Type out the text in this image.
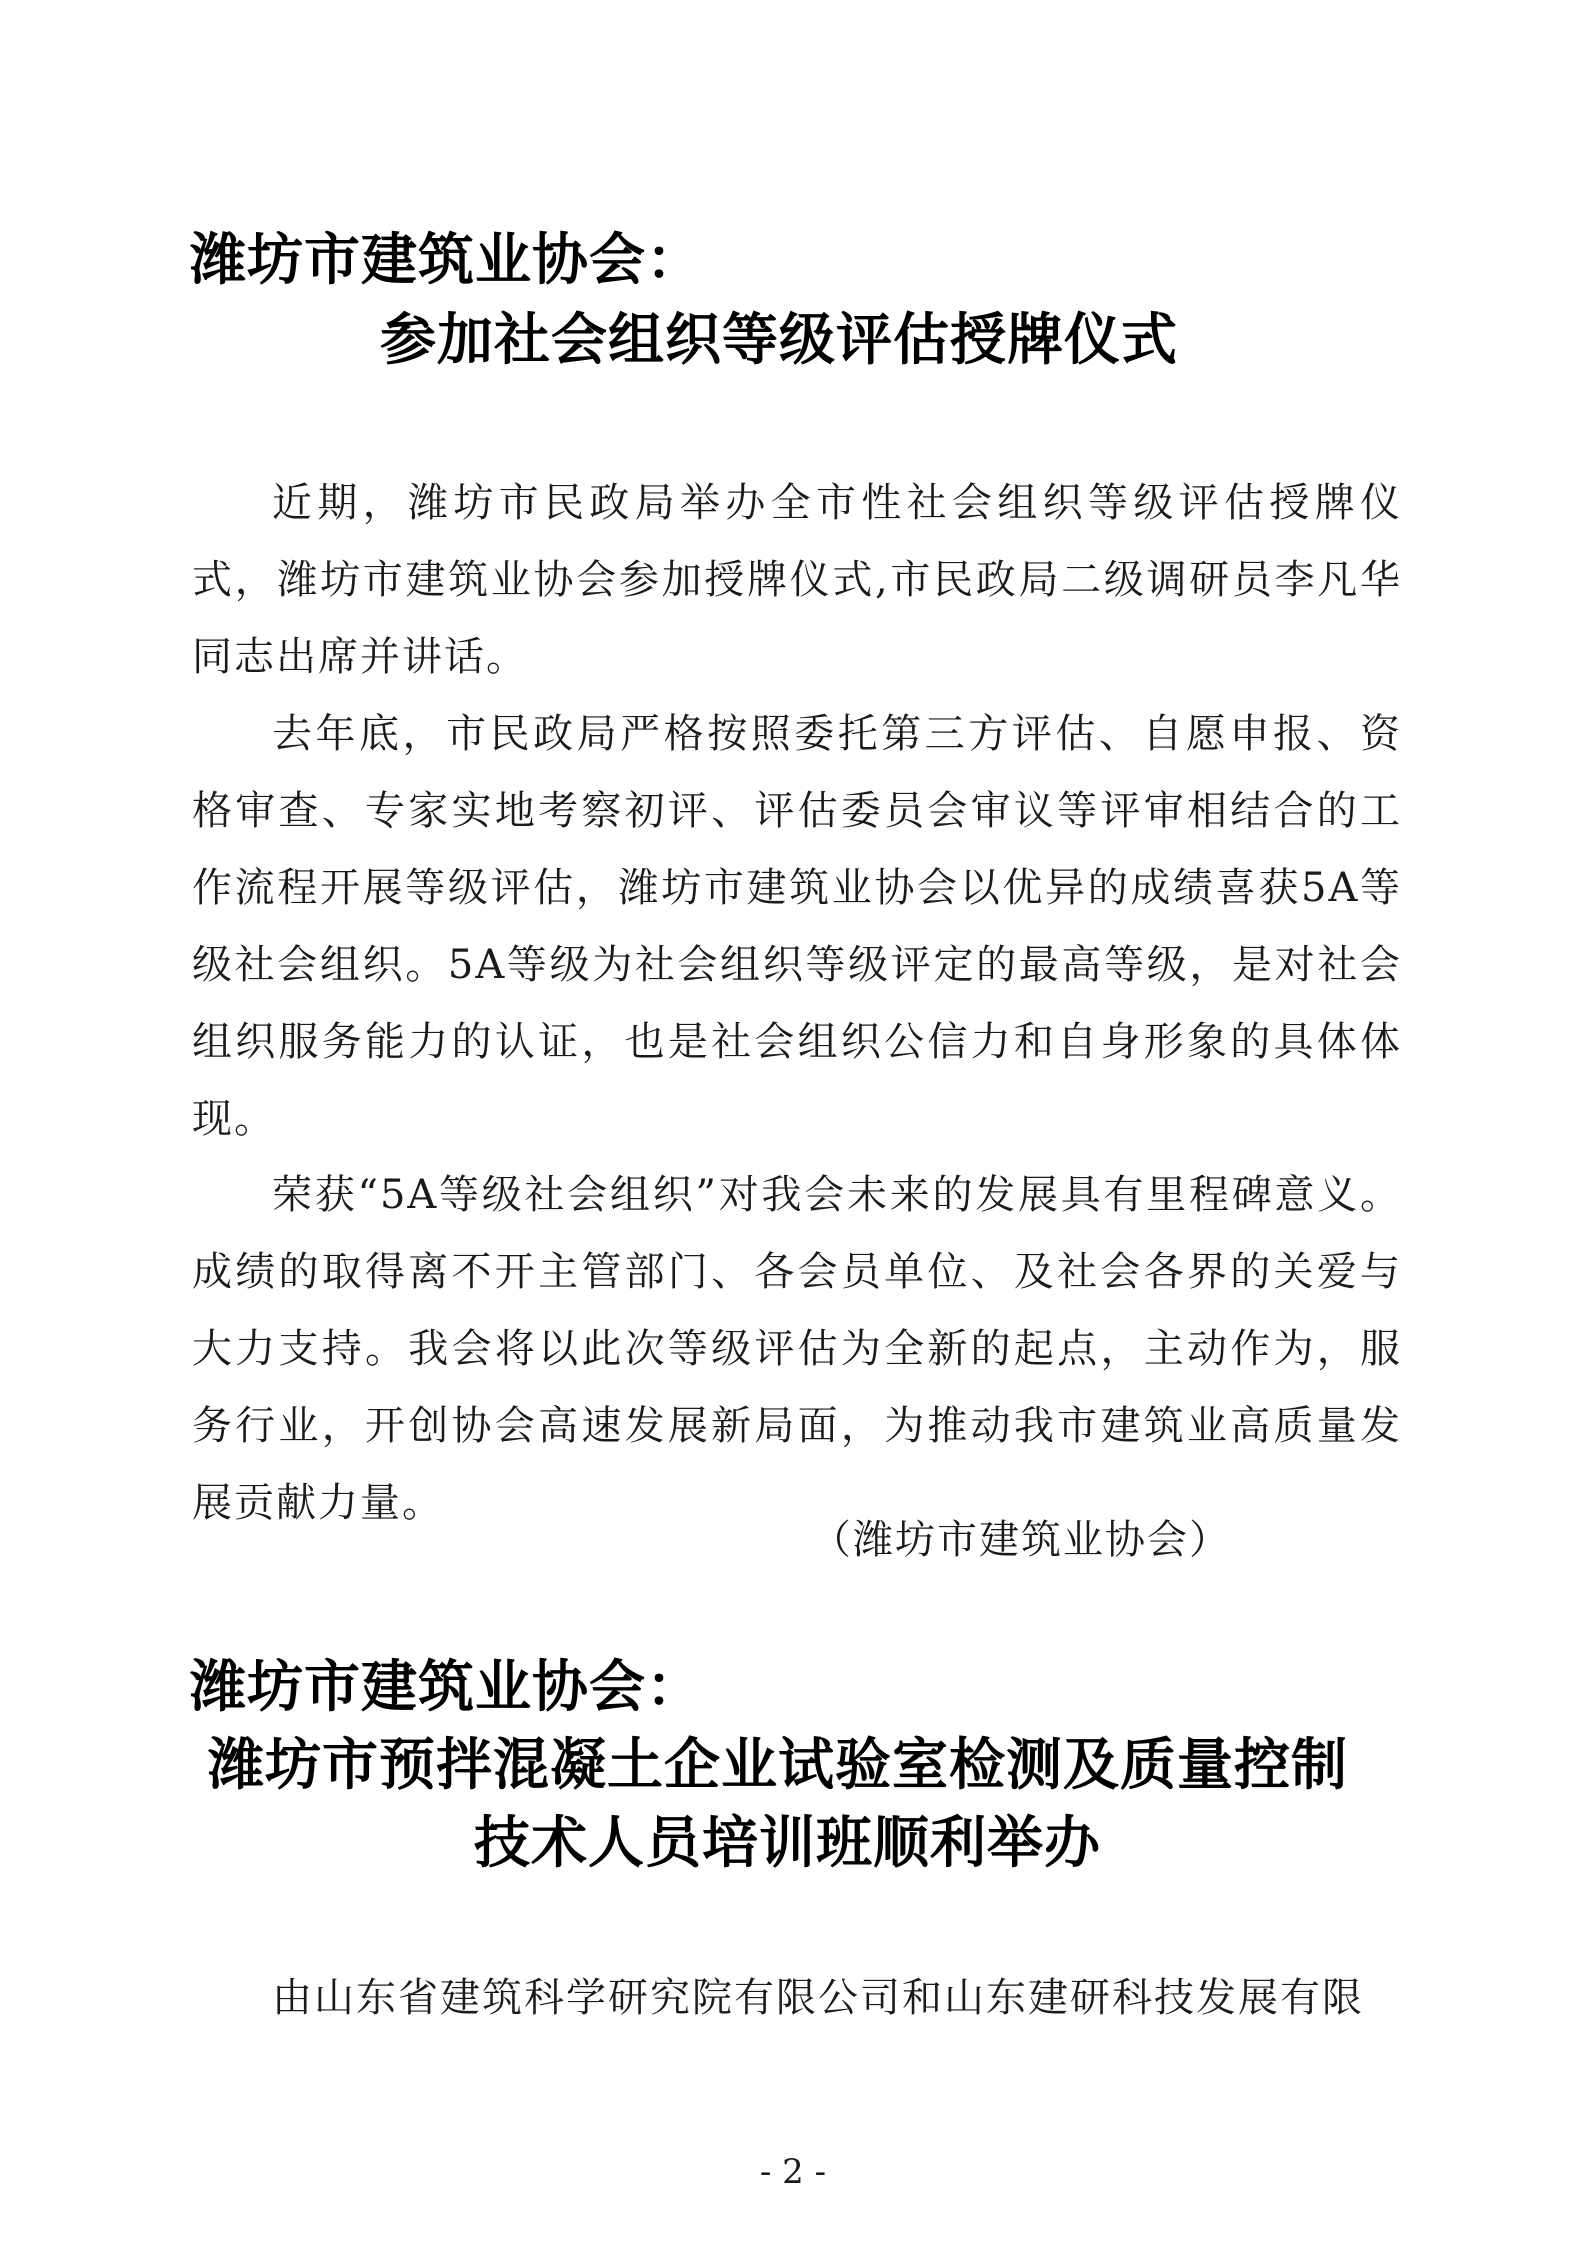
潍坊市建筑业协会：
参加社会组织等级评估授牌仪式
近期，潍坊市民政局举办全市性社会组织等级评估授牌仪式，潍坊市建筑业协会参加授牌仪式,市民政局二级调研员李凡华同志出席并讲话。
去年底，市民政局严格按照委托第三方评估、自愿申报、资格审查、专家实地考察初评、评估委员会审议等评审相结合的工作流程开展等级评估，潍坊市建筑业协会以优异的成绩喜获5A等级社会组织。5A等级为社会组织等级评定的最高等级，是对社会组织服务能力的认证，也是社会组织公信力和自身形象的具体体现。
荣获“5A等级社会组织”对我会未来的发展具有里程碑意义。成绩的取得离不开主管部门、各会员单位、及社会各界的关爱与大力支持。我会将以此次等级评估为全新的起点，主动作为，服务行业，开创协会高速发展新局面，为推动我市建筑业高质量发展贡献力量。
（潍坊市建筑业协会）
潍坊市建筑业协会：
潍坊市预拌混凝土企业试验室检测及质量控制
技术人员培训班顺利举办
由山东省建筑科学研究院有限公司和山东建研科技发展有限
- 2 -
